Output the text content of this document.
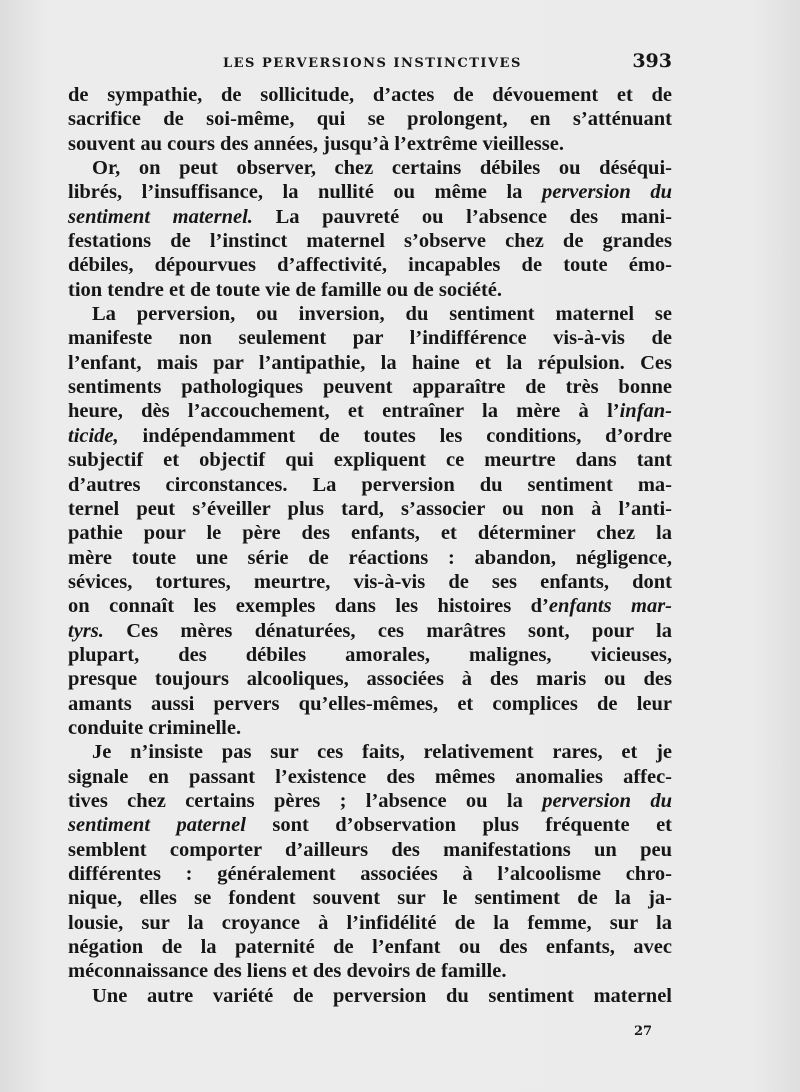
LES PERVERSIONS INSTINCTIVES	393
de sympathie, de sollicitude, d’actes de dévouement et de
sacrifice de soi-même, qui se prolongent, en s’atténuant
souvent au cours des années, jusqu’à l’extrême vieillesse.
Or, on peut observer, chez certains débiles ou déséqui-
librés, l’insuffisance, la nullité ou même la perversion du
sentiment maternel. La pauvreté ou l’absence des mani-
festations de l’instinct maternel s’observe chez de grandes
débiles, dépourvues d’affectivité, incapables de toute émo-
tion tendre et de toute vie de famille ou de société.
La perversion, ou inversion, du sentiment maternel se
manifeste non seulement par l’indifférence vis-à-vis de
l’enfant, mais par l’antipathie, la haine et la répulsion. Ces
sentiments pathologiques peuvent apparaître de très bonne
heure, dès l’accouchement, et entraîner la mère à l’infan-
ticide, indépendamment de toutes les conditions, d’ordre
subjectif et objectif qui expliquent ce meurtre dans tant
d’autres circonstances. La perversion du sentiment ma-
ternel peut s’éveiller plus tard, s’associer ou non à l’anti-
pathie pour le père des enfants, et déterminer chez la
mère toute une série de réactions : abandon, négligence,
sévices, tortures, meurtre, vis-à-vis de ses enfants, dont
on connaît les exemples dans les histoires d’enfants mar-
tyrs. Ces mères dénaturées, ces marâtres sont, pour la
plupart, des débiles amorales, malignes, vicieuses,
presque toujours alcooliques, associées à des maris ou des
amants aussi pervers qu’elles-mêmes, et complices de leur
conduite criminelle.
Je n’insiste pas sur ces faits, relativement rares, et je
signale en passant l’existence des mêmes anomalies affec-
tives chez certains pères ; l’absence ou la perversion du
sentiment paternel sont d’observation plus fréquente et
semblent comporter d’ailleurs des manifestations un peu
différentes : généralement associées à l’alcoolisme chro-
nique, elles se fondent souvent sur le sentiment de la ja-
lousie, sur la croyance à l’infidélité de la femme, sur la
négation de la paternité de l’enfant ou des enfants, avec
méconnaissance des liens et des devoirs de famille.
Une autre variété de perversion du sentiment maternel
27
